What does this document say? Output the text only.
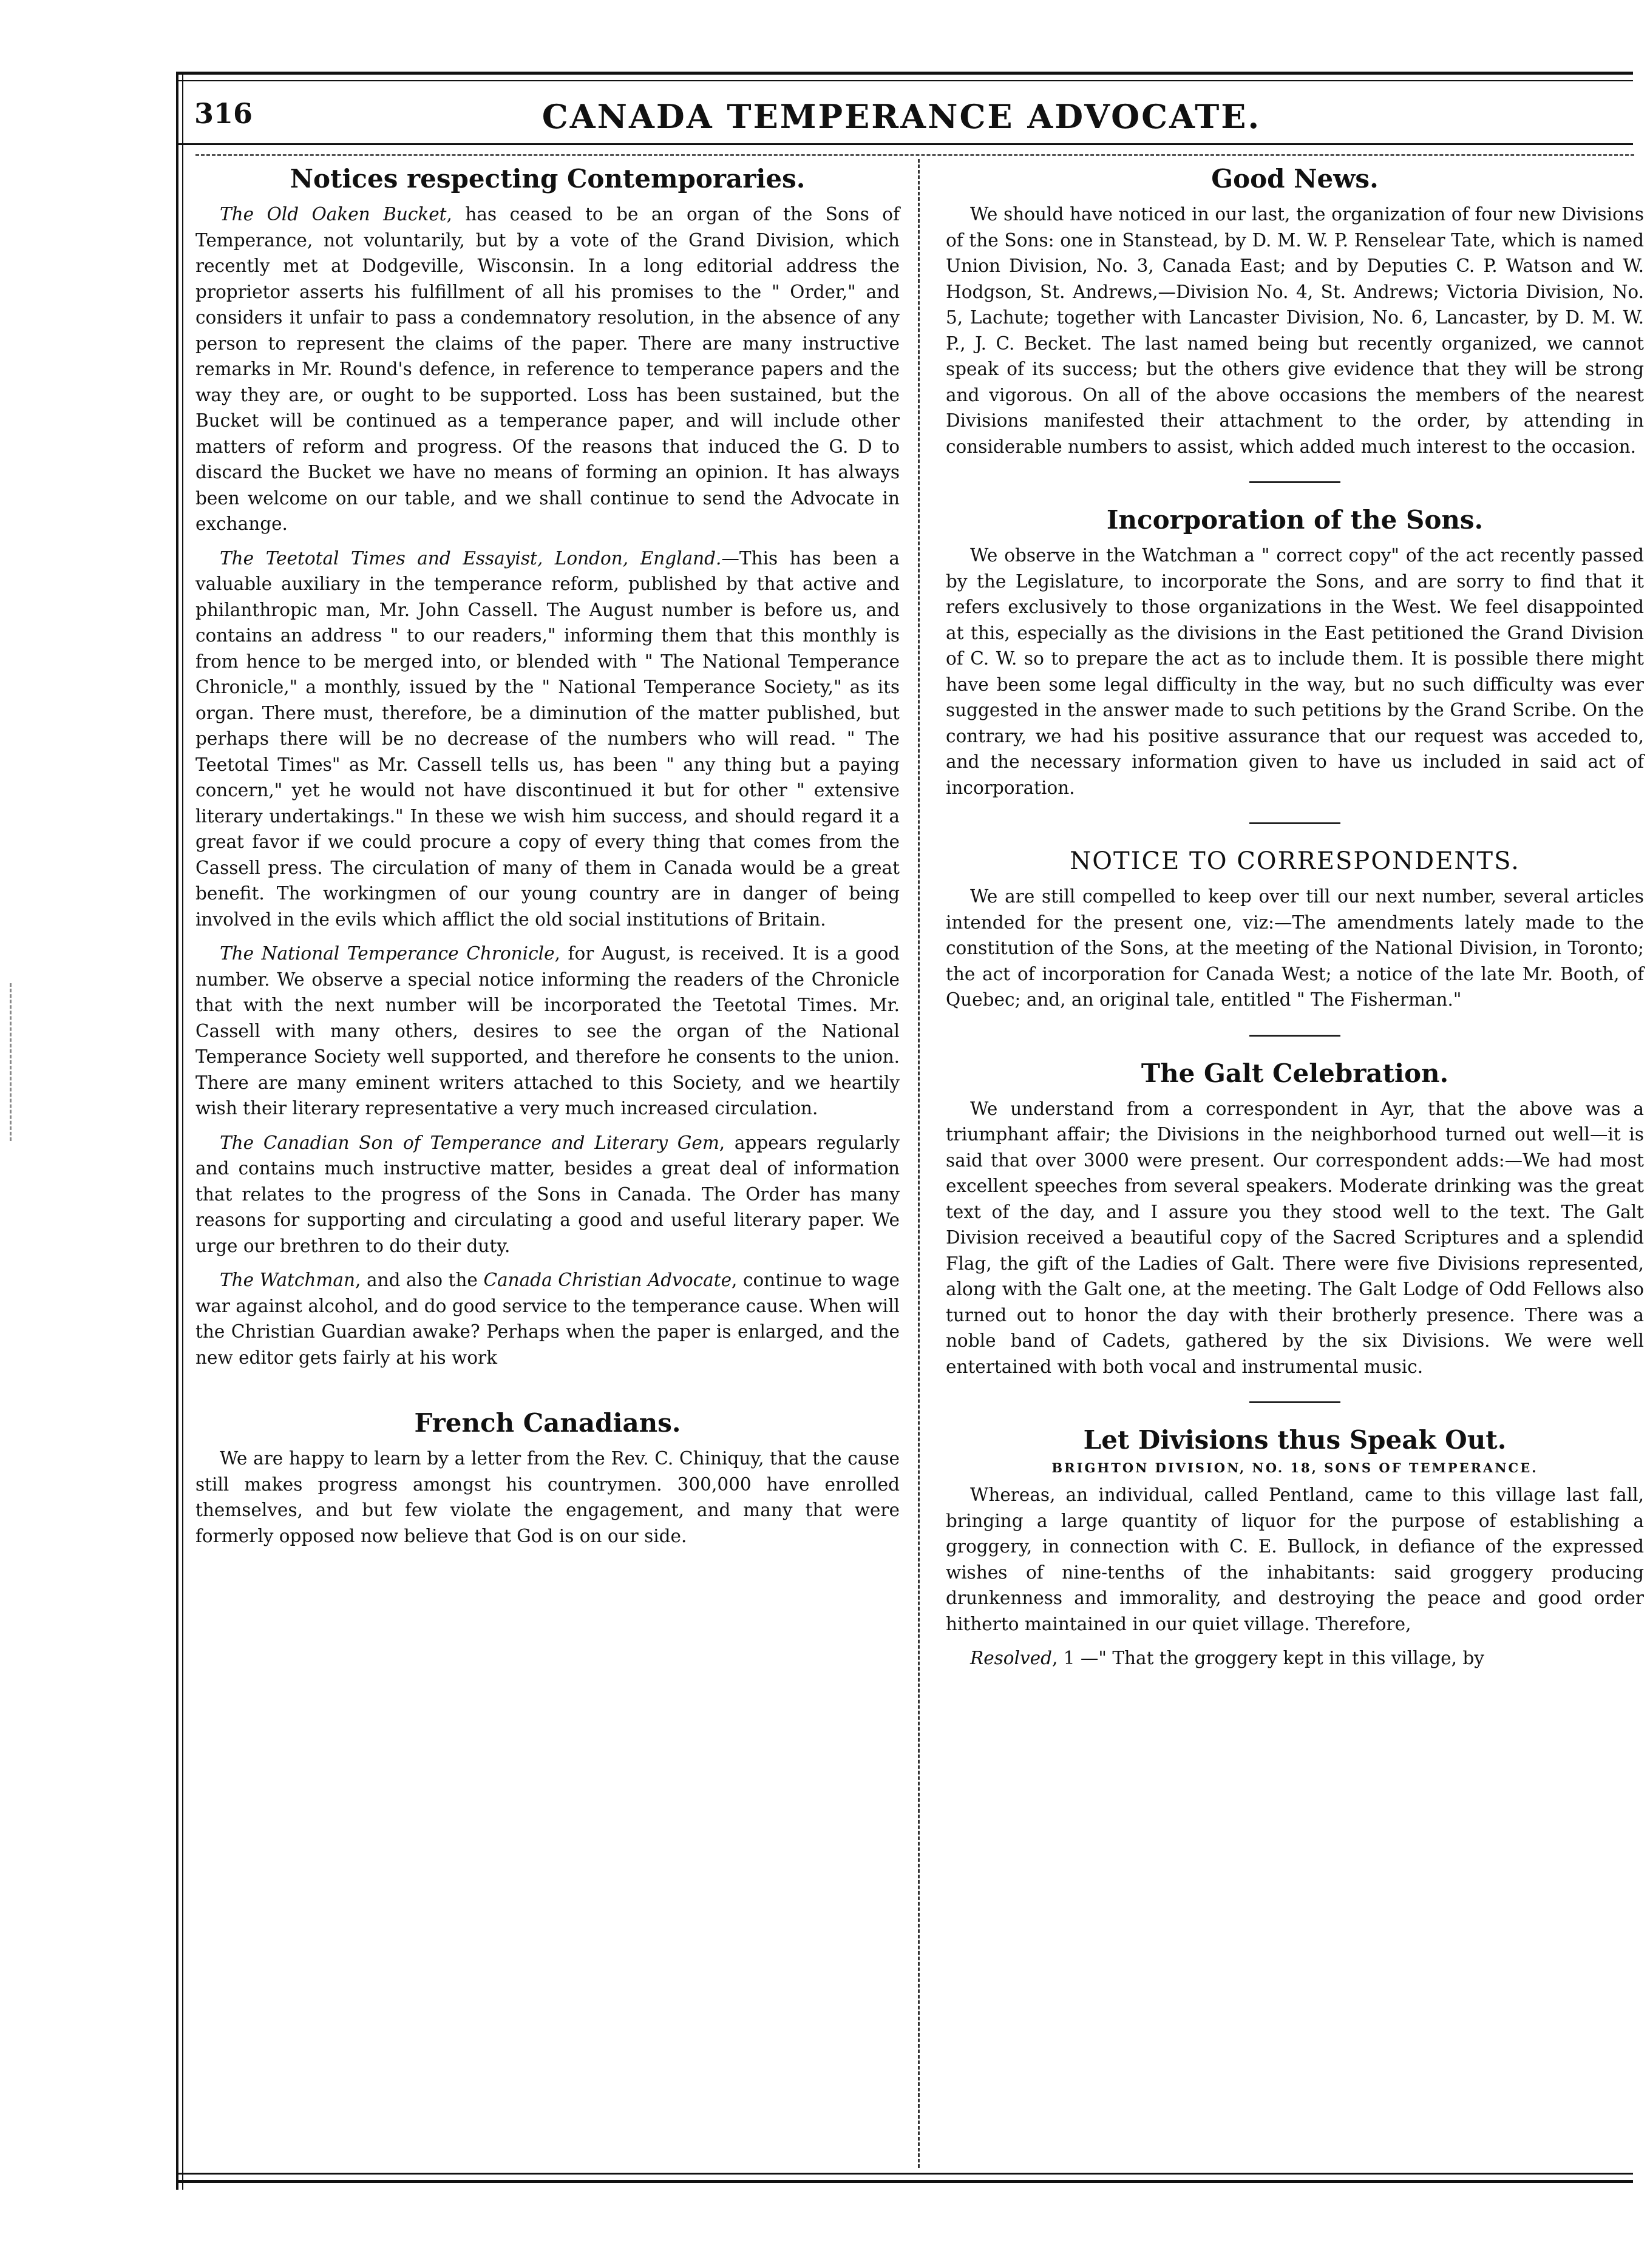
316	CANADA TEMPERANCE ADVOCATE.
Notices respecting Contemporaries.

The Old Oaken Bucket, has ceased to be an organ of the Sons of Temperance, not voluntarily, but by a vote of the Grand Division, which recently met at Dodgeville, Wisconsin. In a long editorial address the proprietor asserts his fulfillment of all his promises to the " Order," and considers it unfair to pass a condemnatory resolution, in the absence of any person to represent the claims of the paper. There are many instructive remarks in Mr. Round's defence, in reference to temperance papers and the way they are, or ought to be supported. Loss has been sustained, but the Bucket will be continued as a temperance paper, and will include other matters of reform and progress. Of the reasons that induced the G. D to discard the Bucket we have no means of forming an opinion. It has always been welcome on our table, and we shall continue to send the Advocate in exchange.

The Teetotal Times and Essayist, London, England.—This has been a valuable auxiliary in the temperance reform, published by that active and philanthropic man, Mr. John Cassell. The August number is before us, and contains an address " to our readers," informing them that this monthly is from hence to be merged into, or blended with " The National Temperance Chronicle," a monthly, issued by the " National Temperance Society," as its organ. There must, therefore, be a diminution of the matter published, but perhaps there will be no decrease of the numbers who will read. " The Teetotal Times" as Mr. Cassell tells us, has been " any thing but a paying concern," yet he would not have discontinued it but for other " extensive literary undertakings." In these we wish him success, and should regard it a great favor if we could procure a copy of every thing that comes from the Cassell press. The circulation of many of them in Canada would be a great benefit. The workingmen of our young country are in danger of being involved in the evils which afflict the old social institutions of Britain.

The National Temperance Chronicle, for August, is received. It is a good number. We observe a special notice informing the readers of the Chronicle that with the next number will be incorporated the Teetotal Times. Mr. Cassell with many others, desires to see the organ of the National Temperance Society well supported, and therefore he consents to the union. There are many eminent writers attached to this Society, and we heartily wish their literary representative a very much increased circulation.

The Canadian Son of Temperance and Literary Gem, appears regularly and contains much instructive matter, besides a great deal of information that relates to the progress of the Sons in Canada. The Order has many reasons for supporting and circulating a good and useful literary paper. We urge our brethren to do their duty.

The Watchman, and also the Canada Christian Advocate, continue to wage war against alcohol, and do good service to the temperance cause. When will the Christian Guardian awake? Perhaps when the paper is enlarged, and the new editor gets fairly at his work

French Canadians.

We are happy to learn by a letter from the Rev. C. Chiniquy, that the cause still makes progress amongst his countrymen. 300,000 have enrolled themselves, and but few violate the engagement, and many that were formerly opposed now believe that God is on our side.

Good News.

We should have noticed in our last, the organization of four new Divisions of the Sons: one in Stanstead, by D. M. W. P. Renselear Tate, which is named Union Division, No. 3, Canada East; and by Deputies C. P. Watson and W. Hodgson, St. Andrews,—Division No. 4, St. Andrews; Victoria Division, No. 5, Lachute; together with Lancaster Division, No. 6, Lancaster, by D. M. W. P., J. C. Becket. The last named being but recently organized, we cannot speak of its success; but the others give evidence that they will be strong and vigorous. On all of the above occasions the members of the nearest Divisions manifested their attachment to the order, by attending in considerable numbers to assist, which added much interest to the occasion.

Incorporation of the Sons.

We observe in the Watchman a " correct copy" of the act recently passed by the Legislature, to incorporate the Sons, and are sorry to find that it refers exclusively to those organizations in the West. We feel disappointed at this, especially as the divisions in the East petitioned the Grand Division of C. W. so to prepare the act as to include them. It is possible there might have been some legal difficulty in the way, but no such difficulty was ever suggested in the answer made to such petitions by the Grand Scribe. On the contrary, we had his positive assurance that our request was acceded to, and the necessary information given to have us included in said act of incorporation.

NOTICE TO CORRESPONDENTS.

We are still compelled to keep over till our next number, several articles intended for the present one, viz:—The amendments lately made to the constitution of the Sons, at the meeting of the National Division, in Toronto; the act of incorporation for Canada West; a notice of the late Mr. Booth, of Quebec; and, an original tale, entitled " The Fisherman."

The Galt Celebration.

We understand from a correspondent in Ayr, that the above was a triumphant affair; the Divisions in the neighborhood turned out well—it is said that over 3000 were present. Our correspondent adds:—We had most excellent speeches from several speakers. Moderate drinking was the great text of the day, and I assure you they stood well to the text. The Galt Division received a beautiful copy of the Sacred Scriptures and a splendid Flag, the gift of the Ladies of Galt. There were five Divisions represented, along with the Galt one, at the meeting. The Galt Lodge of Odd Fellows also turned out to honor the day with their brotherly presence. There was a noble band of Cadets, gathered by the six Divisions. We were well entertained with both vocal and instrumental music.

Let Divisions thus Speak Out.
BRIGHTON DIVISION, NO. 18, SONS OF TEMPERANCE.

Whereas, an individual, called Pentland, came to this village last fall, bringing a large quantity of liquor for the purpose of establishing a groggery, in connection with C. E. Bullock, in defiance of the expressed wishes of nine-tenths of the inhabitants: said groggery producing drunkenness and immorality, and destroying the peace and good order hitherto maintained in our quiet village. Therefore,

Resolved, 1 —" That the groggery kept in this village, by
